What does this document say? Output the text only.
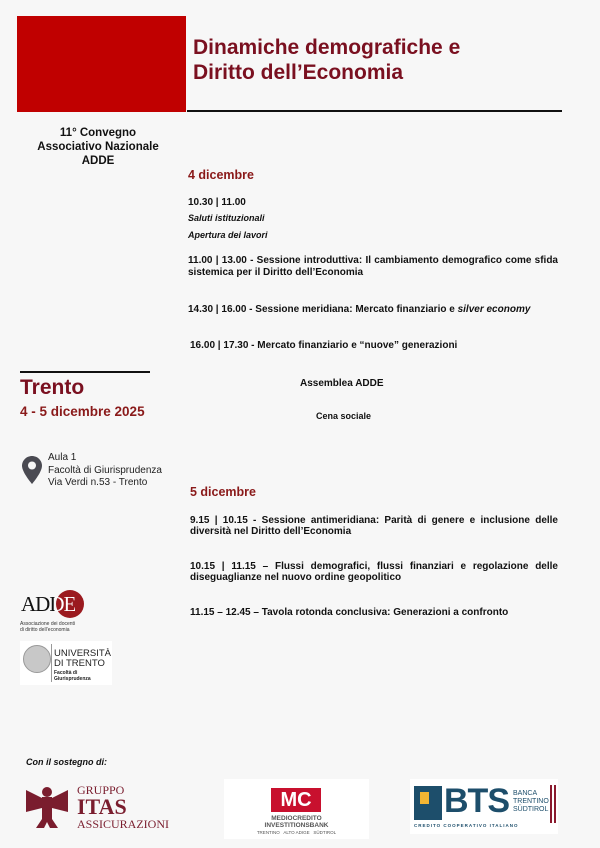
Dinamiche demografiche e
Diritto dell’Economia
11° Convegno
Associativo Nazionale
ADDE
4 dicembre
10.30 | 11.00
Saluti istituzionali
Apertura dei lavori
11.00 | 13.00 - Sessione introduttiva: Il cambiamento demografico come sfida sistemica per il Diritto dell’Economia
14.30 | 16.00 - Sessione meridiana: Mercato finanziario e silver economy
16.00 | 17.30 - Mercato finanziario e “nuove” generazioni
Assemblea ADDE
Cena sociale
Trento
4 - 5 dicembre 2025
Aula 1
Facoltà di Giurisprudenza
Via Verdi n.53 - Trento
5 dicembre
9.15 | 10.15 - Sessione antimeridiana: Parità di genere e inclusione delle diversità nel Diritto dell’Economia
10.15 | 11.15 – Flussi demografici, flussi finanziari e regolazione delle diseguaglianze nel nuovo ordine geopolitico
11.15 – 12.45 – Tavola rotonda conclusiva: Generazioni a confronto
ADDE
Associazione dei docenti
di diritto dell’economia
UNIVERSITÀ
DI TRENTO
Facoltà di
Giurisprudenza
Con il sostegno di:
GRUPPO
ITAS
ASSICURAZIONI
MC
MEDIOCREDITO
INVESTITIONSBANK
TRENTINO   ALTO ADIGE   SÜDTIROL
BTS BANCA
TRENTINO
SÜDTIROL
CREDITO COOPERATIVO ITALIANO
